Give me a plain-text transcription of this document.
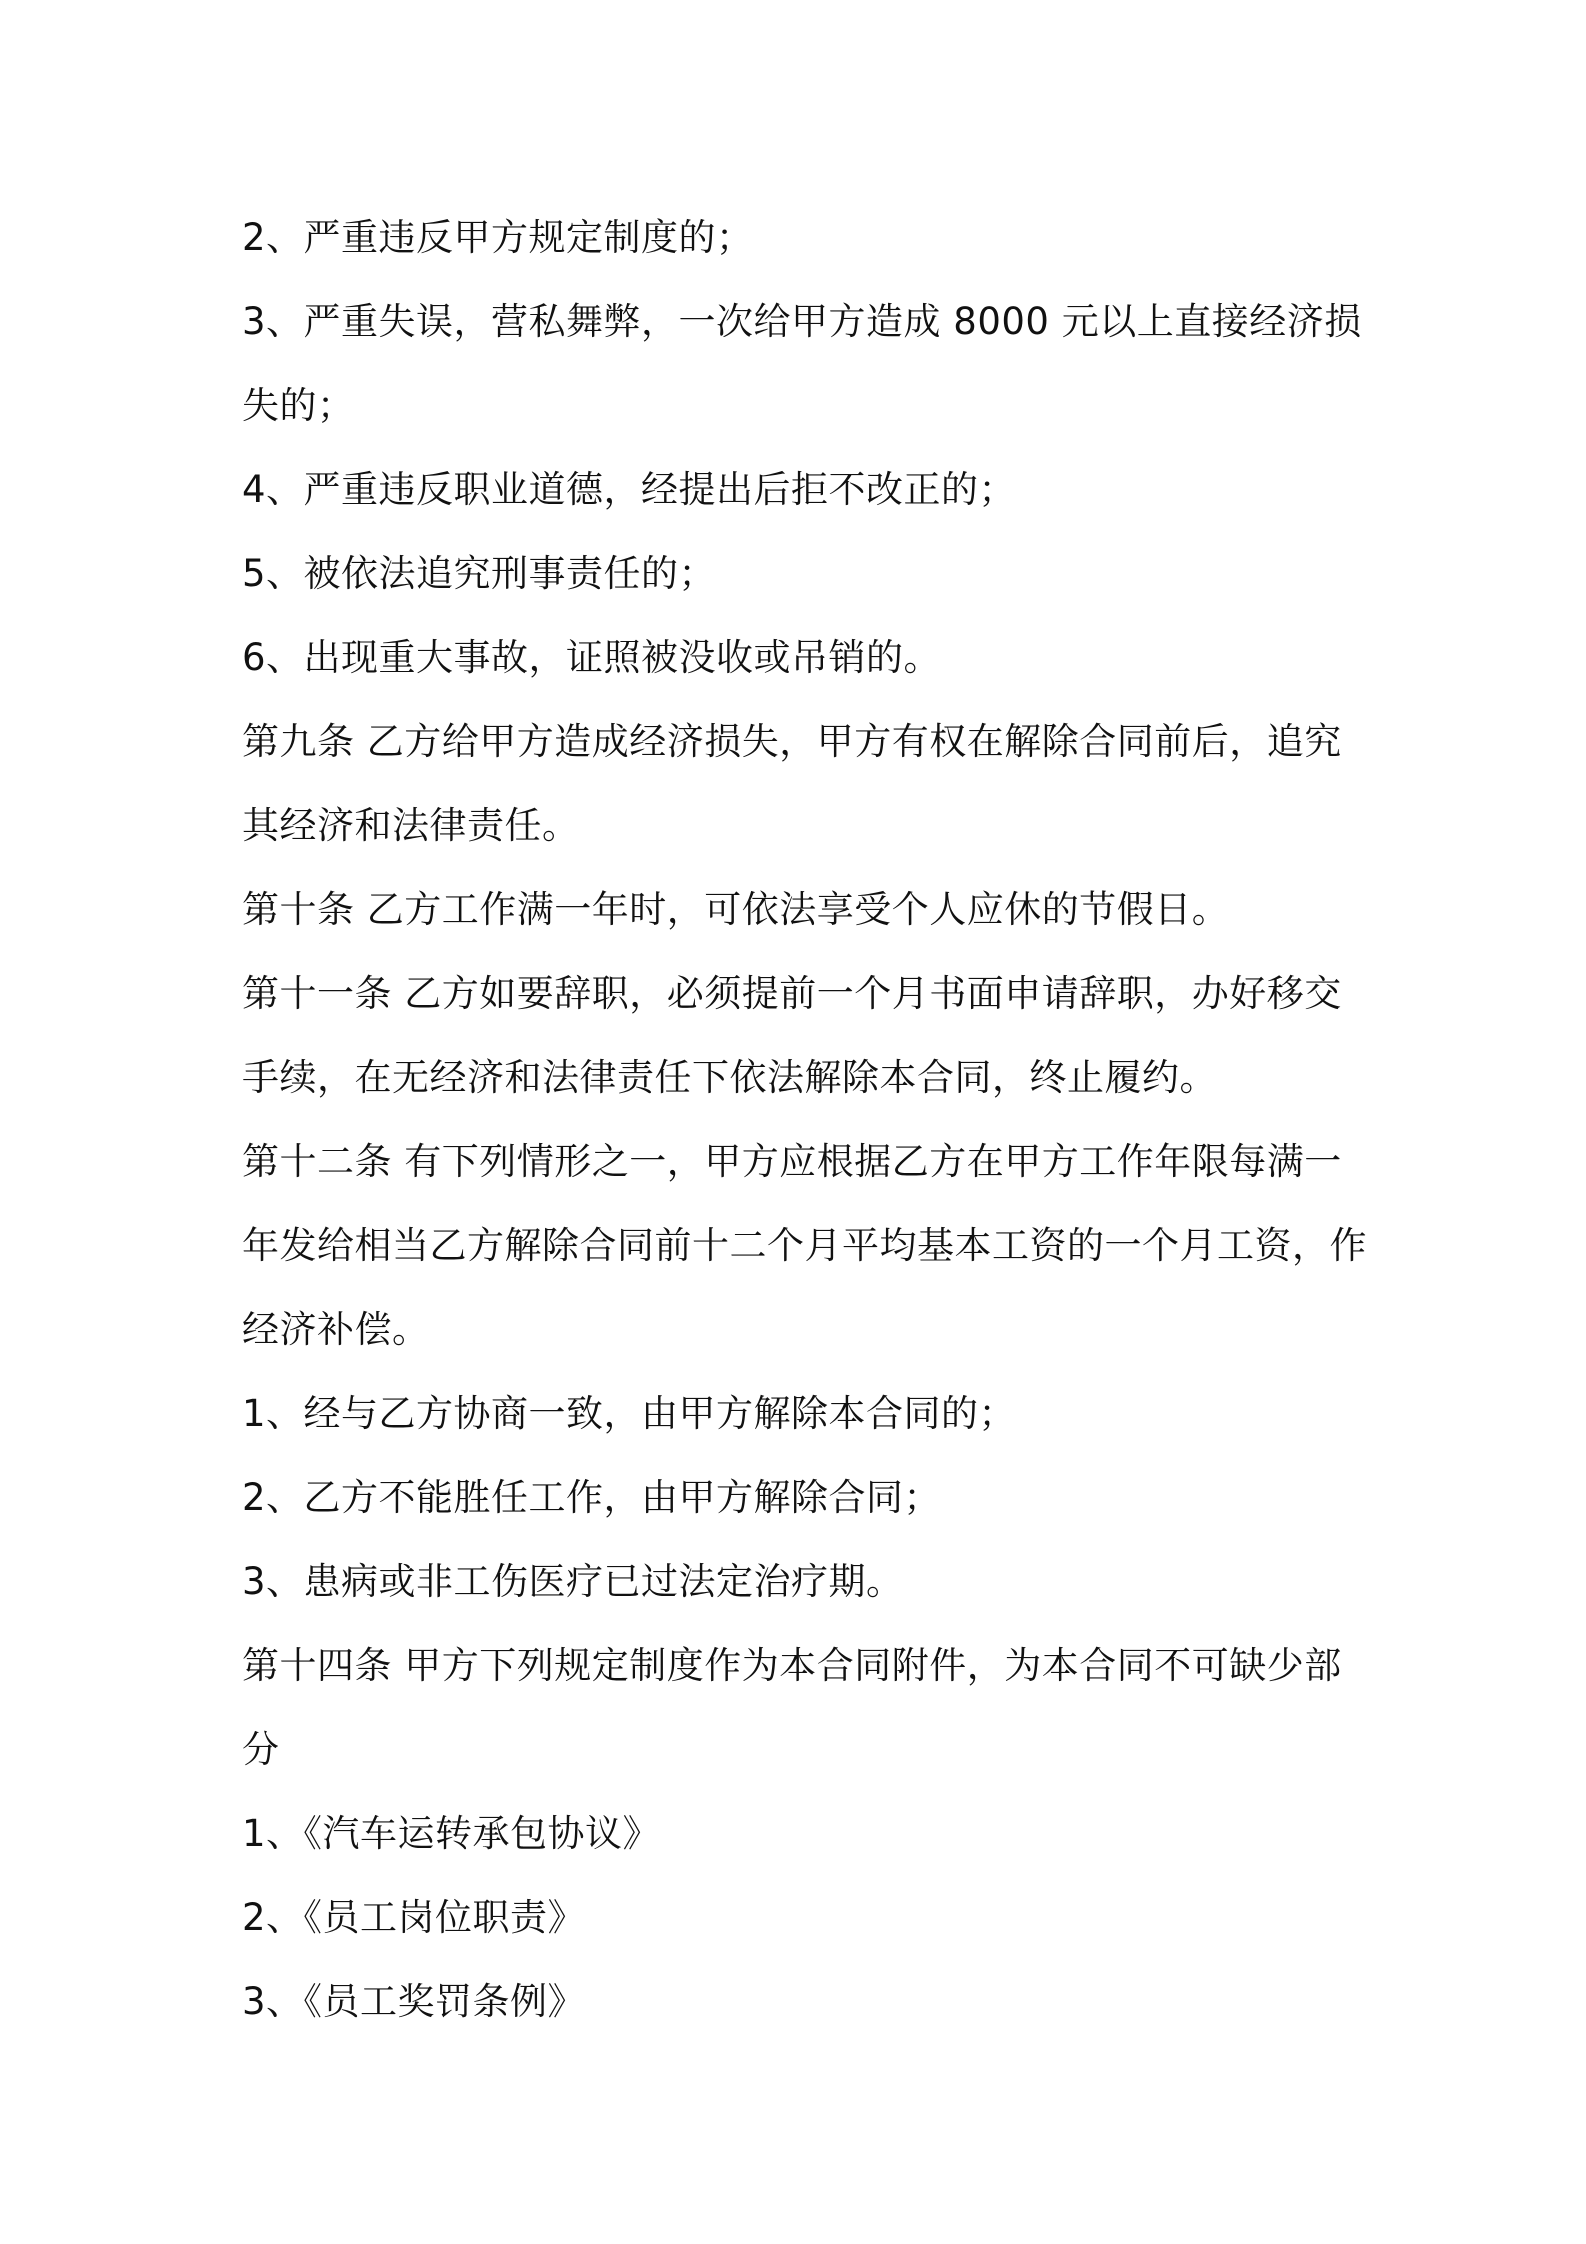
2、严重违反甲方规定制度的；

3、严重失误，营私舞弊，一次给甲方造成 8000 元以上直接经济损

失的；

4、严重违反职业道德，经提出后拒不改正的；

5、被依法追究刑事责任的；

6、出现重大事故，证照被没收或吊销的。

第九条 乙方给甲方造成经济损失，甲方有权在解除合同前后，追究

其经济和法律责任。

第十条 乙方工作满一年时，可依法享受个人应休的节假日。

第十一条 乙方如要辞职，必须提前一个月书面申请辞职，办好移交

手续，在无经济和法律责任下依法解除本合同，终止履约。

第十二条 有下列情形之一，甲方应根据乙方在甲方工作年限每满一

年发给相当乙方解除合同前十二个月平均基本工资的一个月工资，作

经济补偿。

1、经与乙方协商一致，由甲方解除本合同的；

2、乙方不能胜任工作，由甲方解除合同；

3、患病或非工伤医疗已过法定治疗期。

第十四条 甲方下列规定制度作为本合同附件，为本合同不可缺少部

分

1、《汽车运转承包协议》

2、《员工岗位职责》

3、《员工奖罚条例》
